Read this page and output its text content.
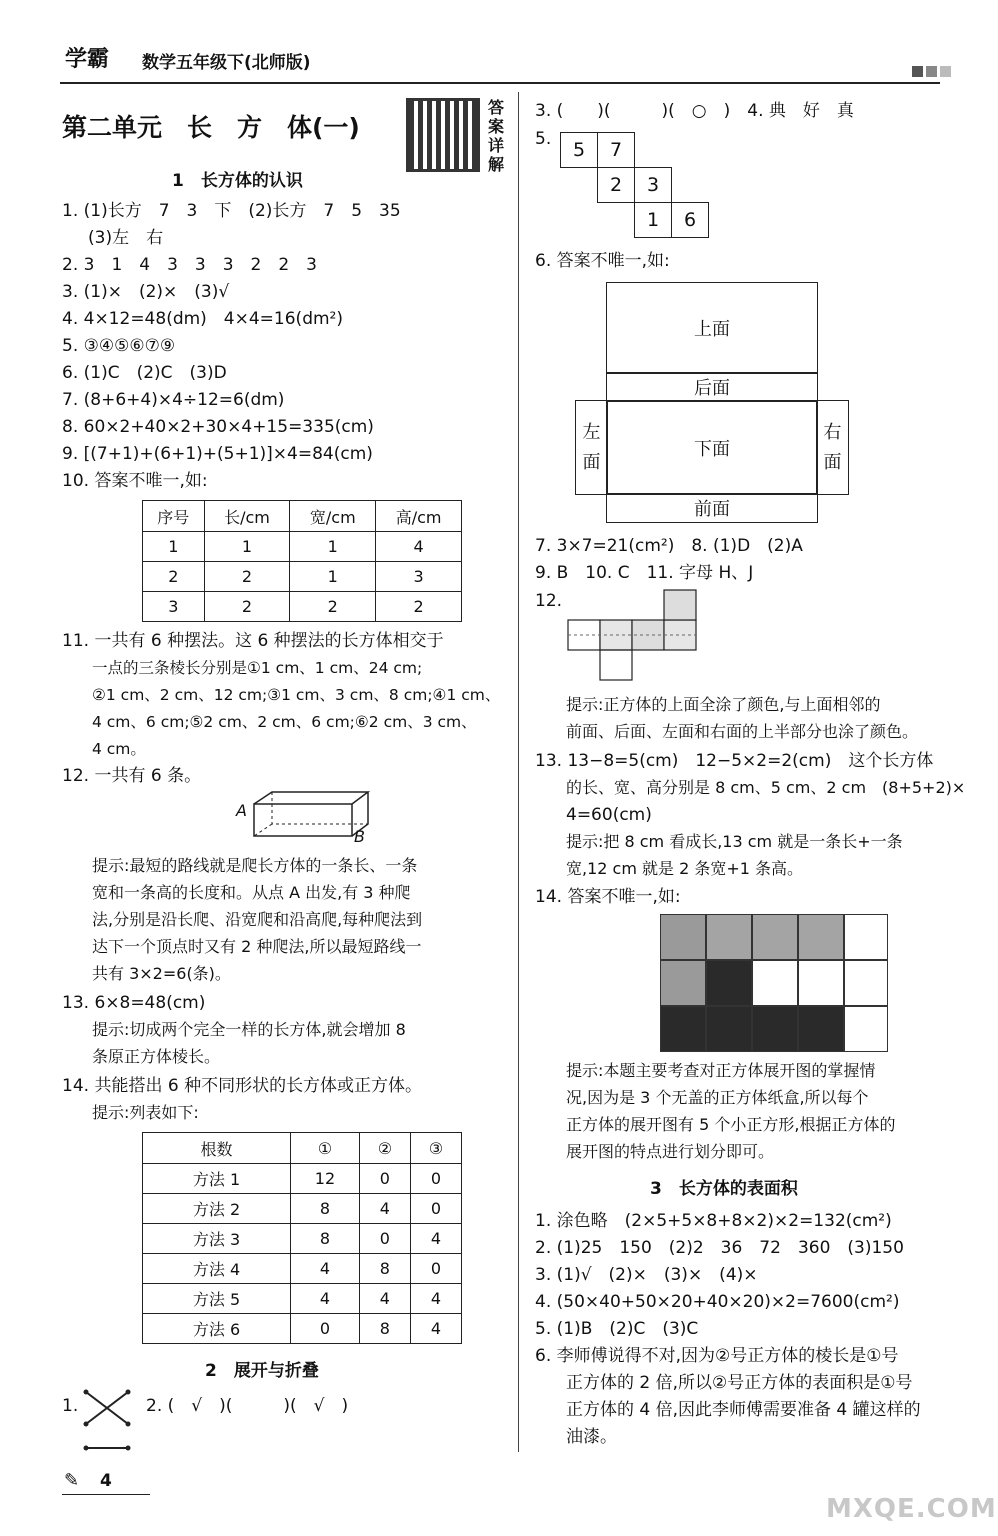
学霸 数学五年级下(北师版)
第二单元　长　方　体(一)
答案详解
1　长方体的认识
1. (1)长方　7　3　下　(2)长方　7　5　35
(3)左　右
2. 3　1　4　3　3　3　2　2　3
3. (1)×　(2)×　(3)√
4. 4×12=48(dm)　4×4=16(dm²)
5. ③④⑤⑥⑦⑨
6. (1)C　(2)C　(3)D
7. (8+6+4)×4÷12=6(dm)
8. 60×2+40×2+30×4+15=335(cm)
9. [(7+1)+(6+1)+(5+1)]×4=84(cm)
10. 答案不唯一,如:
序号	长/cm	宽/cm	高/cm
1	1	1	4
2	2	1	3
3	2	2	2
11. 一共有 6 种摆法。这 6 种摆法的长方体相交于
一点的三条棱长分别是①1 cm、1 cm、24 cm;
②1 cm、2 cm、12 cm;③1 cm、3 cm、8 cm;④1 cm、
4 cm、6 cm;⑤2 cm、2 cm、6 cm;⑥2 cm、3 cm、
4 cm。
12. 一共有 6 条。
A
B
提示:最短的路线就是爬长方体的一条长、一条
宽和一条高的长度和。从点 A 出发,有 3 种爬
法,分别是沿长爬、沿宽爬和沿高爬,每种爬法到
达下一个顶点时又有 2 种爬法,所以最短路线一
共有 3×2=6(条)。
13. 6×8=48(cm)
提示:切成两个完全一样的长方体,就会增加 8
条原正方体棱长。
14. 共能搭出 6 种不同形状的长方体或正方体。
提示:列表如下:
根数	①	②	③
方法 1	12	0	0
方法 2	8	4	0
方法 3	8	0	4
方法 4	4	8	0
方法 5	4	4	4
方法 6	0	8	4
2　展开与折叠
1.	2. (　√　)(　　　)(　√　)
✎ 4
3. (　　)(　　　)(　○　)　4. 典　好　真
5.	5	7
2	3
1	6
6. 答案不唯一,如:
上面
后面
下面
左
面
右
面
前面
7. 3×7=21(cm²)　8. (1)D　(2)A
9. B　10. C　11. 字母 H、J
12.
提示:正方体的上面全涂了颜色,与上面相邻的
前面、后面、左面和右面的上半部分也涂了颜色。
13. 13−8=5(cm)　12−5×2=2(cm)　这个长方体
的长、宽、高分别是 8 cm、5 cm、2 cm　(8+5+2)×
4=60(cm)
提示:把 8 cm 看成长,13 cm 就是一条长+一条
宽,12 cm 就是 2 条宽+1 条高。
14. 答案不唯一,如:
提示:本题主要考查对正方体展开图的掌握情
况,因为是 3 个无盖的正方体纸盒,所以每个
正方体的展开图有 5 个小正方形,根据正方体的
展开图的特点进行划分即可。
3　长方体的表面积
1. 涂色略　(2×5+5×8+8×2)×2=132(cm²)
2. (1)25　150　(2)2　36　72　360　(3)150
3. (1)√　(2)×　(3)×　(4)×
4. (50×40+50×20+40×20)×2=7600(cm²)
5. (1)B　(2)C　(3)C
6. 李师傅说得不对,因为②号正方体的棱长是①号
正方体的 2 倍,所以②号正方体的表面积是①号
正方体的 4 倍,因此李师傅需要准备 4 罐这样的
油漆。
MXQE.COM
